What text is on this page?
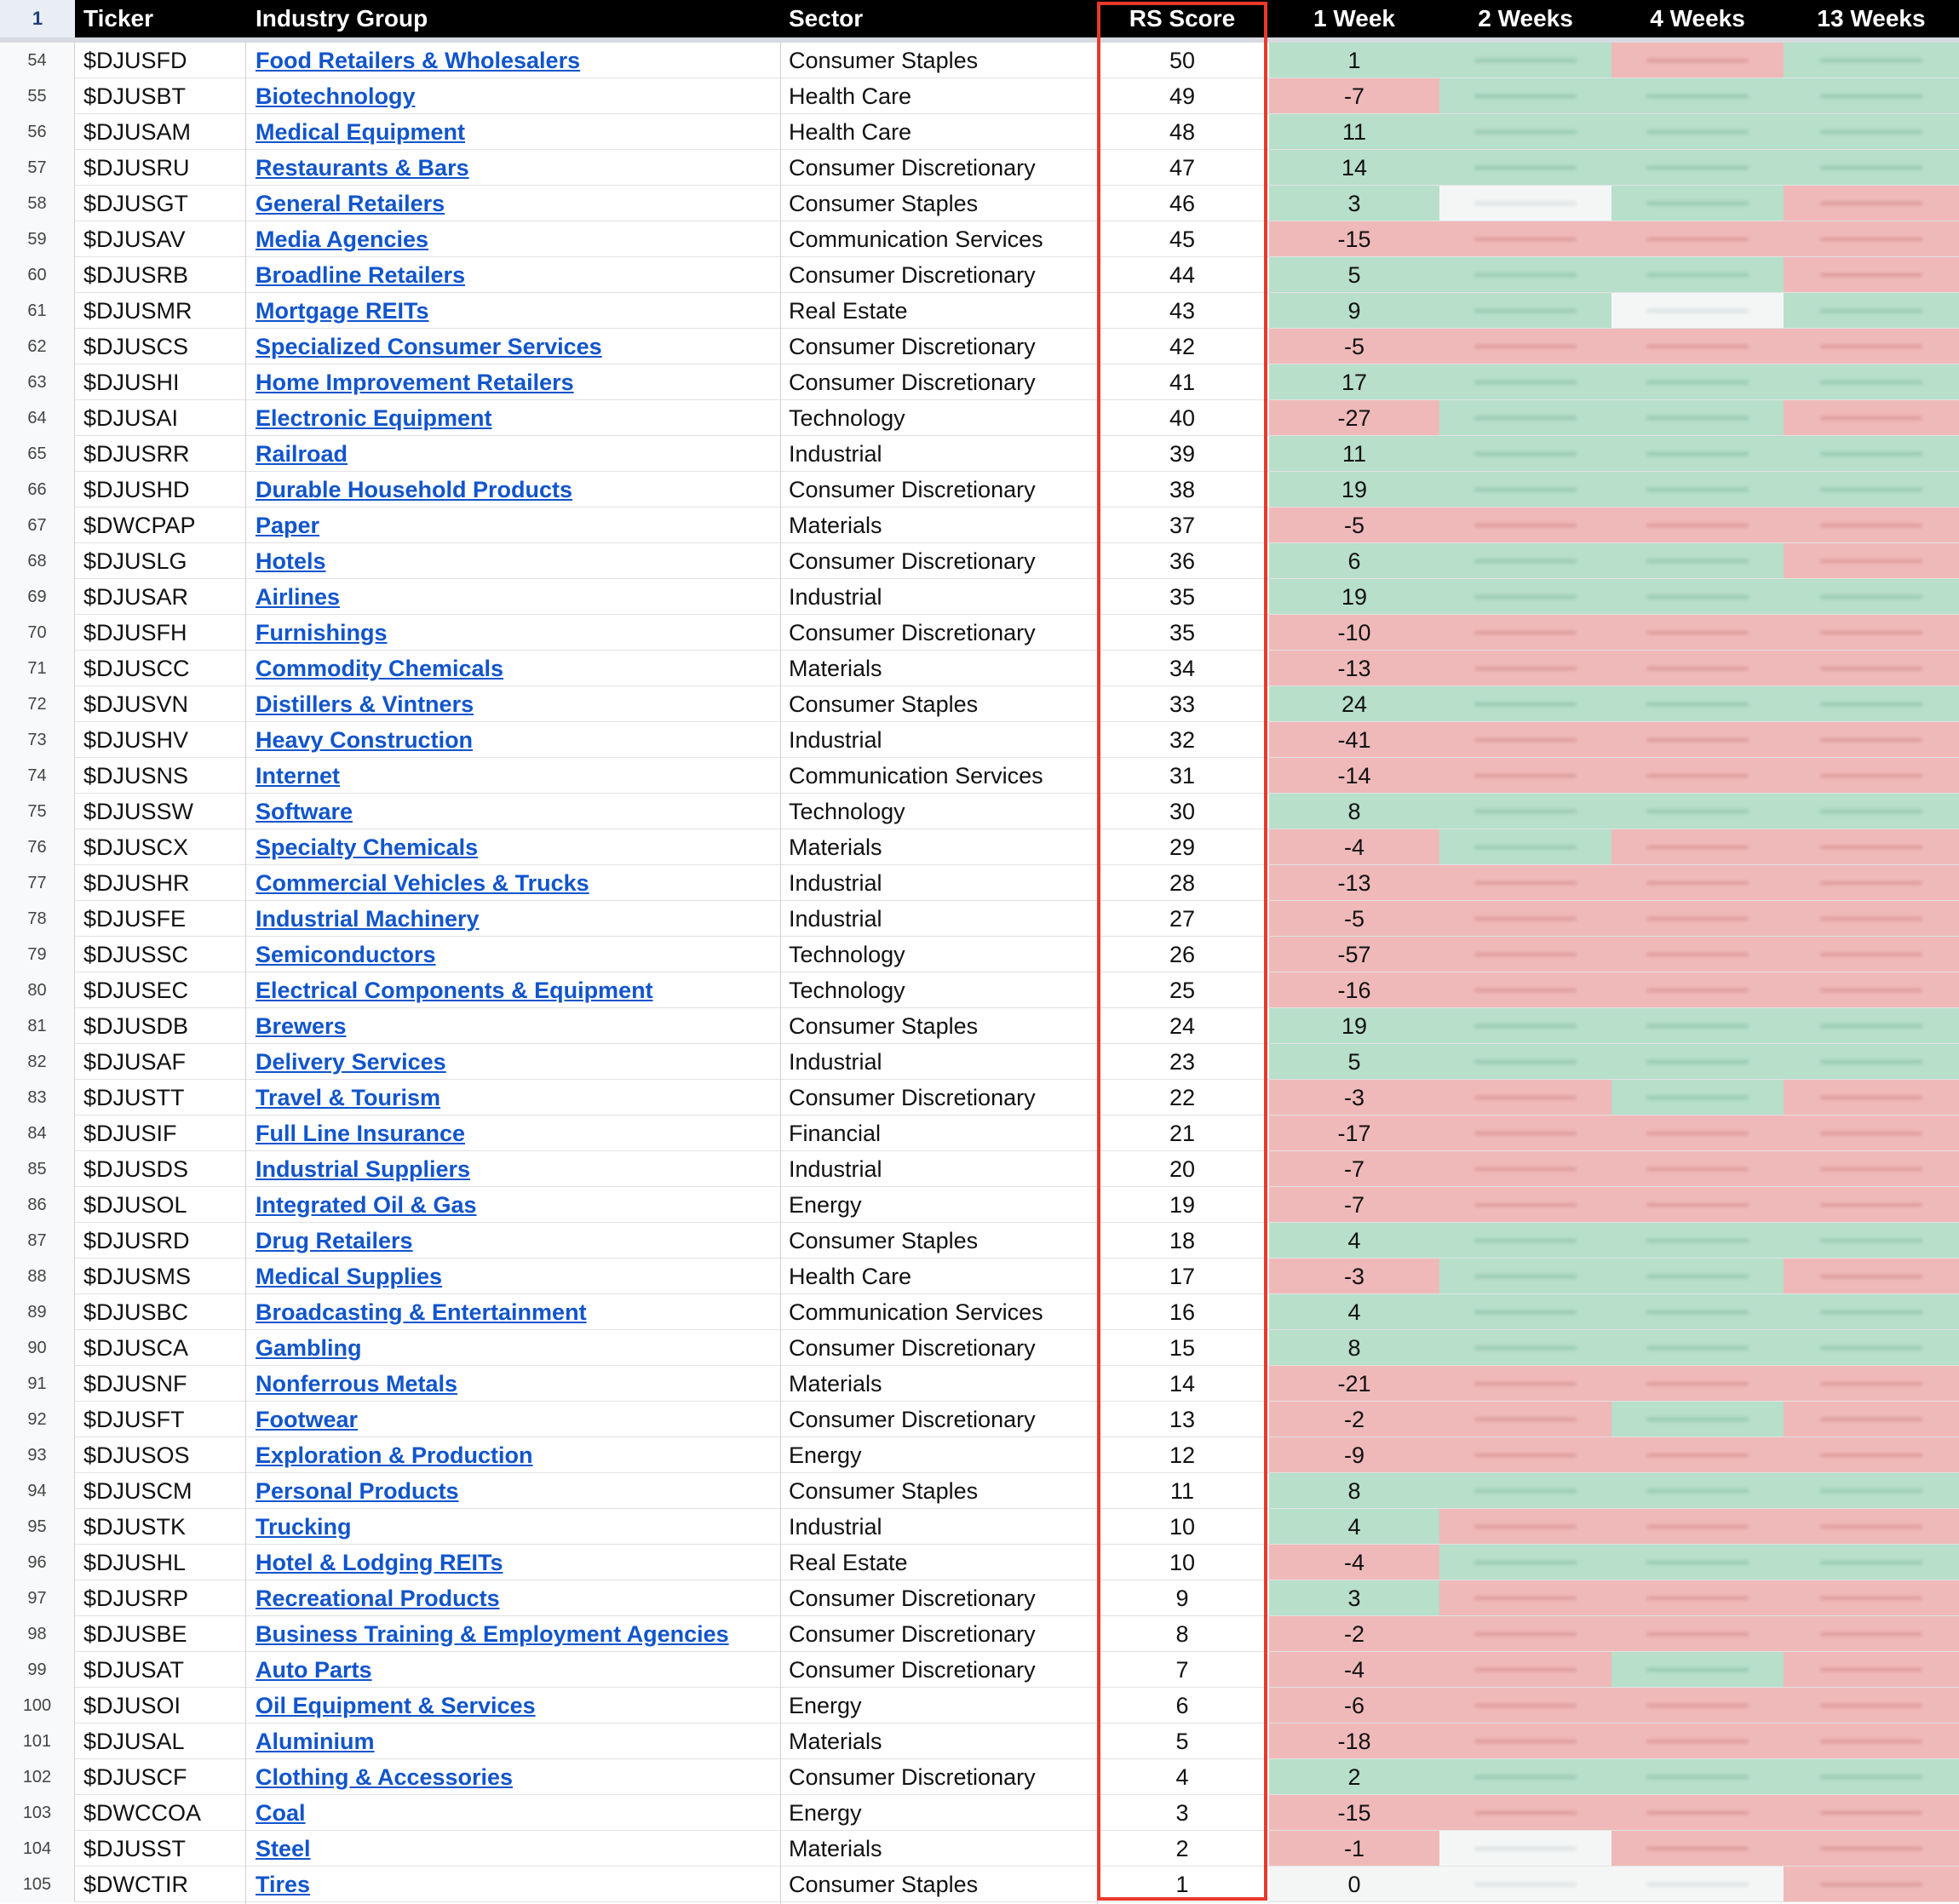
1	Ticker	Industry Group	Sector	RS Score	1 Week	2 Weeks	4 Weeks	13 Weeks
54	$DJUSFD	Food Retailers & Wholesalers	Consumer Staples	50	1
55	$DJUSBT	Biotechnology	Health Care	49	-7
56	$DJUSAM	Medical Equipment	Health Care	48	11
57	$DJUSRU	Restaurants & Bars	Consumer Discretionary	47	14
58	$DJUSGT	General Retailers	Consumer Staples	46	3
59	$DJUSAV	Media Agencies	Communication Services	45	-15
60	$DJUSRB	Broadline Retailers	Consumer Discretionary	44	5
61	$DJUSMR	Mortgage REITs	Real Estate	43	9
62	$DJUSCS	Specialized Consumer Services	Consumer Discretionary	42	-5
63	$DJUSHI	Home Improvement Retailers	Consumer Discretionary	41	17
64	$DJUSAI	Electronic Equipment	Technology	40	-27
65	$DJUSRR	Railroad	Industrial	39	11
66	$DJUSHD	Durable Household Products	Consumer Discretionary	38	19
67	$DWCPAP	Paper	Materials	37	-5
68	$DJUSLG	Hotels	Consumer Discretionary	36	6
69	$DJUSAR	Airlines	Industrial	35	19
70	$DJUSFH	Furnishings	Consumer Discretionary	35	-10
71	$DJUSCC	Commodity Chemicals	Materials	34	-13
72	$DJUSVN	Distillers & Vintners	Consumer Staples	33	24
73	$DJUSHV	Heavy Construction	Industrial	32	-41
74	$DJUSNS	Internet	Communication Services	31	-14
75	$DJUSSW	Software	Technology	30	8
76	$DJUSCX	Specialty Chemicals	Materials	29	-4
77	$DJUSHR	Commercial Vehicles & Trucks	Industrial	28	-13
78	$DJUSFE	Industrial Machinery	Industrial	27	-5
79	$DJUSSC	Semiconductors	Technology	26	-57
80	$DJUSEC	Electrical Components & Equipment	Technology	25	-16
81	$DJUSDB	Brewers	Consumer Staples	24	19
82	$DJUSAF	Delivery Services	Industrial	23	5
83	$DJUSTT	Travel & Tourism	Consumer Discretionary	22	-3
84	$DJUSIF	Full Line Insurance	Financial	21	-17
85	$DJUSDS	Industrial Suppliers	Industrial	20	-7
86	$DJUSOL	Integrated Oil & Gas	Energy	19	-7
87	$DJUSRD	Drug Retailers	Consumer Staples	18	4
88	$DJUSMS	Medical Supplies	Health Care	17	-3
89	$DJUSBC	Broadcasting & Entertainment	Communication Services	16	4
90	$DJUSCA	Gambling	Consumer Discretionary	15	8
91	$DJUSNF	Nonferrous Metals	Materials	14	-21
92	$DJUSFT	Footwear	Consumer Discretionary	13	-2
93	$DJUSOS	Exploration & Production	Energy	12	-9
94	$DJUSCM	Personal Products	Consumer Staples	11	8
95	$DJUSTK	Trucking	Industrial	10	4
96	$DJUSHL	Hotel & Lodging REITs	Real Estate	10	-4
97	$DJUSRP	Recreational Products	Consumer Discretionary	9	3
98	$DJUSBE	Business Training & Employment Agencies	Consumer Discretionary	8	-2
99	$DJUSAT	Auto Parts	Consumer Discretionary	7	-4
100	$DJUSOI	Oil Equipment & Services	Energy	6	-6
101	$DJUSAL	Aluminium	Materials	5	-18
102	$DJUSCF	Clothing & Accessories	Consumer Discretionary	4	2
103	$DWCCOA	Coal	Energy	3	-15
104	$DJUSST	Steel	Materials	2	-1
105	$DWCTIR	Tires	Consumer Staples	1	0
